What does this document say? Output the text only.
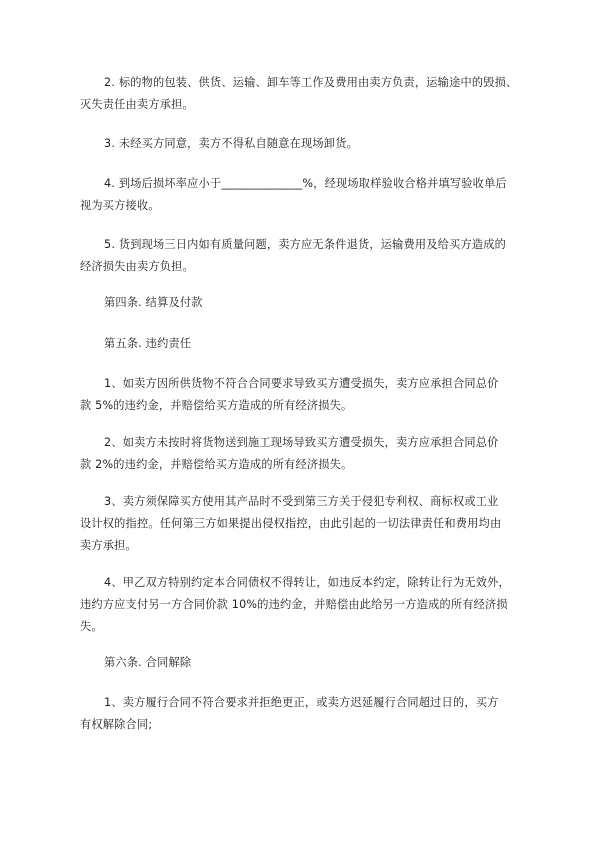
2. 标的物的包装、供货、运输、卸车等工作及费用由卖方负责，运输途中的毁损、
灭失责任由卖方承担。
3. 未经买方同意，卖方不得私自随意在现场卸货。
4. 到场后损坏率应小于______________%，经现场取样验收合格并填写验收单后
视为买方接收。
5. 货到现场三日内如有质量问题，卖方应无条件退货，运输费用及给买方造成的
经济损失由卖方负担。
第四条. 结算及付款
第五条. 违约责任
1、如卖方因所供货物不符合合同要求导致买方遭受损失，卖方应承担合同总价
款 5%的违约金，并赔偿给买方造成的所有经济损失。
2、如卖方未按时将货物送到施工现场导致买方遭受损失，卖方应承担合同总价
款 2%的违约金，并赔偿给买方造成的所有经济损失。
3、卖方须保障买方使用其产品时不受到第三方关于侵犯专利权、商标权或工业
设计权的指控。任何第三方如果提出侵权指控，由此引起的一切法律责任和费用均由
卖方承担。
4、甲乙双方特别约定本合同债权不得转让，如违反本约定，除转让行为无效外，
违约方应支付另一方合同价款 10%的违约金，并赔偿由此给另一方造成的所有经济损
失。
第六条. 合同解除
1、卖方履行合同不符合要求并拒绝更正，或卖方迟延履行合同超过日的，买方
有权解除合同;
